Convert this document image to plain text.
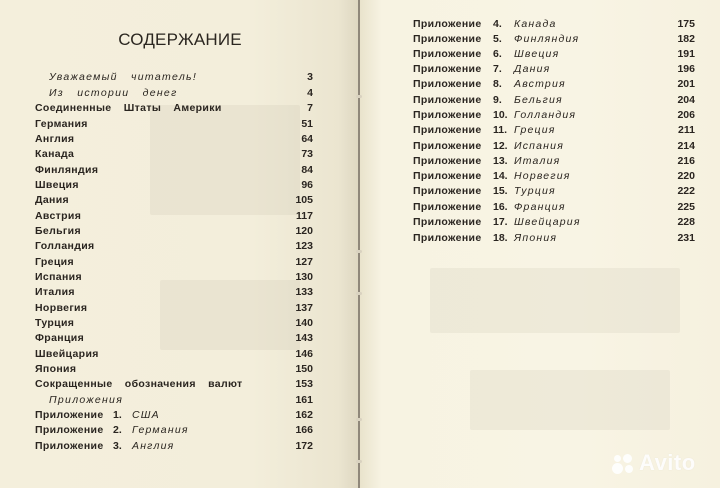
СОДЕРЖАНИЕ
Уважаемый читатель!	3
Из истории денег	4
Соединенные Штаты Америки	7
Германия	51
Англия	64
Канада	73
Финляндия	84
Швеция	96
Дания	105
Австрия	117
Бельгия	120
Голландия	123
Греция	127
Испания	130
Италия	133
Норвегия	137
Турция	140
Франция	143
Швейцария	146
Япония	150
Сокращенные обозначения валют	153
Приложения	161
Приложение 1. США	162
Приложение 2. Германия	166
Приложение 3. Англия	172
Приложение 4. Канада	175
Приложение 5. Финляндия	182
Приложение 6. Швеция	191
Приложение 7. Дания	196
Приложение 8. Австрия	201
Приложение 9. Бельгия	204
Приложение 10. Голландия	206
Приложение 11. Греция	211
Приложение 12. Испания	214
Приложение 13. Италия	216
Приложение 14. Норвегия	220
Приложение 15. Турция	222
Приложение 16. Франция	225
Приложение 17. Швейцария	228
Приложение 18. Япония	231
Avito
